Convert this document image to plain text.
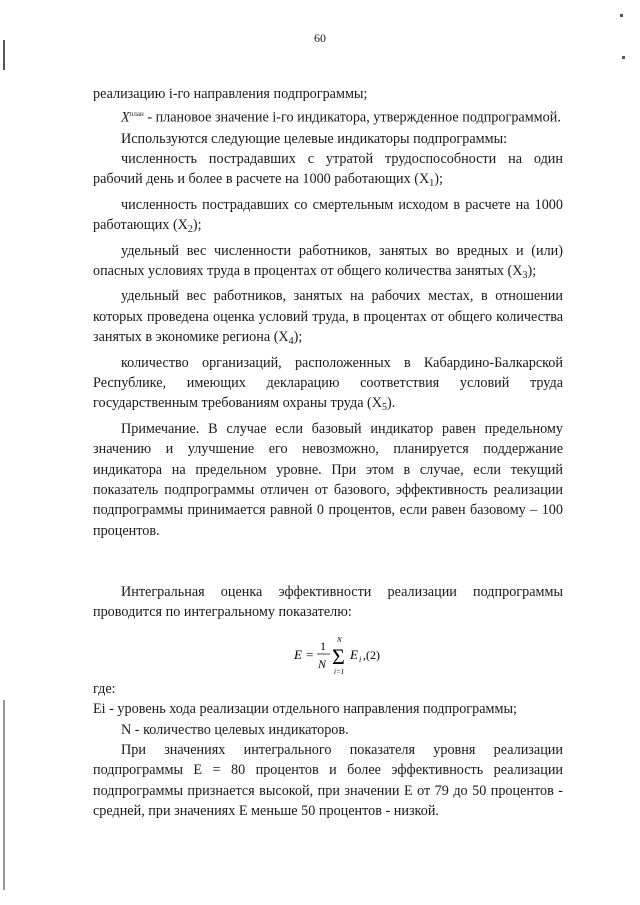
60

реализацию i-го направления подпрограммы;

$X^{план}$ - плановое значение i-го индикатора, утвержденное подпрограммой.

Используются следующие целевые индикаторы подпрограммы:

численность пострадавших с утратой трудоспособности на один рабочий день и более в расчете на 1000 работающих $(X_1)$;

численность пострадавших со смертельным исходом в расчете на 1000 работающих $(X_2)$;

удельный вес численности работников, занятых во вредных и (или) опасных условиях труда в процентах от общего количества занятых $(X_3)$;

удельный вес работников, занятых на рабочих местах, в отношении которых проведена оценка условий труда, в процентах от общего количества занятых в экономике региона $(X_4)$;

количество организаций, расположенных в Кабардино-Балкарской Республике, имеющих декларацию соответствия условий труда государственным требованиям охраны труда $(X_5)$.

Примечание. В случае если базовый индикатор равен предельному значению и улучшение его невозможно, планируется поддержание индикатора на предельном уровне. При этом в случае, если текущий показатель подпрограммы отличен от базового, эффективность реализации подпрограммы принимается равной 0 процентов, если равен базовому – 100 процентов.

Интегральная оценка эффективности реализации подпрограммы проводится по интегральному показателю:

E =
1
N
N
Σ
i=1
E i ,(2)

где:

Ei - уровень хода реализации отдельного направления подпрограммы;

N - количество целевых индикаторов.

При значениях интегрального показателя уровня реализации подпрограммы E = 80 процентов и более эффективность реализации подпрограммы признается высокой, при значении E от 79 до 50 процентов - средней, при значениях E меньше 50 процентов - низкой.
